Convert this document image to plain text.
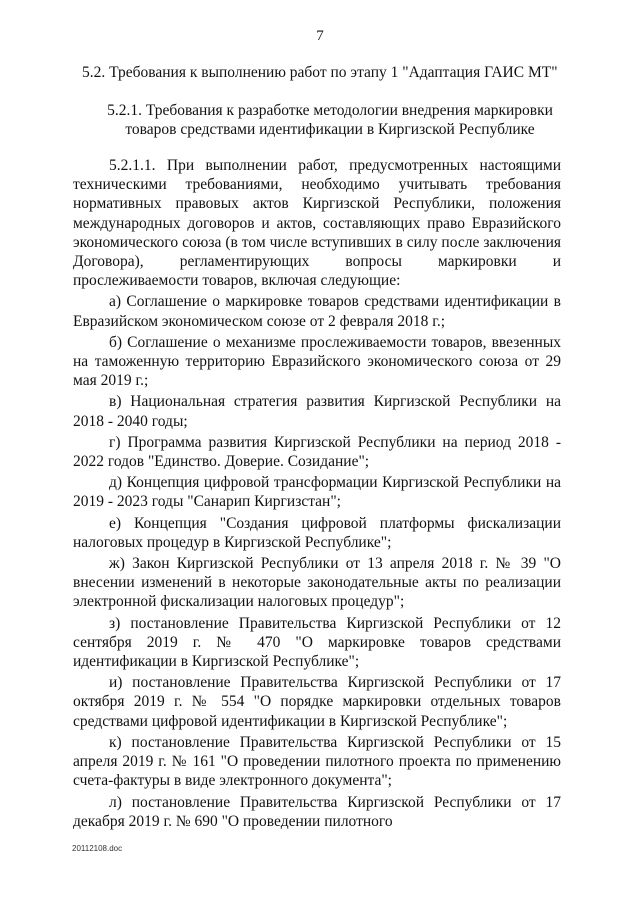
7
5.2. Требования к выполнению работ по этапу 1 "Адаптация ГАИС МТ"
5.2.1. Требования к разработке методологии внедрения маркировки товаров средствами идентификации в Киргизской Республике

5.2.1.1. При выполнении работ, предусмотренных настоящими техническими требованиями, необходимо учитывать требования нормативных правовых актов Киргизской Республики, положения международных договоров и актов, составляющих право Евразийского экономического союза (в том числе вступивших в силу после заключения Договора), регламентирующих вопросы маркировки и прослеживаемости товаров, включая следующие:

а) Соглашение о маркировке товаров средствами идентификации в Евразийском экономическом союзе от 2 февраля 2018 г.;

б) Соглашение о механизме прослеживаемости товаров, ввезенных на таможенную территорию Евразийского экономического союза от 29 мая 2019 г.;

в) Национальная стратегия развития Киргизской Республики на 2018 - 2040 годы;

г) Программа развития Киргизской Республики на период 2018 - 2022 годов "Единство. Доверие. Созидание";

д) Концепция цифровой трансформации Киргизской Республики на 2019 - 2023 годы "Санарип Киргизстан";

е) Концепция "Создания цифровой платформы фискализации налоговых процедур в Киргизской Республике";

ж) Закон Киргизской Республики от 13 апреля 2018 г. № 39 "О внесении изменений в некоторые законодательные акты по реализации электронной фискализации налоговых процедур";

з) постановление Правительства Киргизской Республики от 12 сентября 2019 г. № 470 "О маркировке товаров средствами идентификации в Киргизской Республике";

и) постановление Правительства Киргизской Республики от 17 октября 2019 г. № 554 "О порядке маркировки отдельных товаров средствами цифровой идентификации в Киргизской Республике";

к) постановление Правительства Киргизской Республики от 15 апреля 2019 г. № 161 "О проведении пилотного проекта по применению счета-фактуры в виде электронного документа";

л) постановление Правительства Киргизской Республики от 17 декабря 2019 г. № 690 "О проведении пилотного

20112108.doc
